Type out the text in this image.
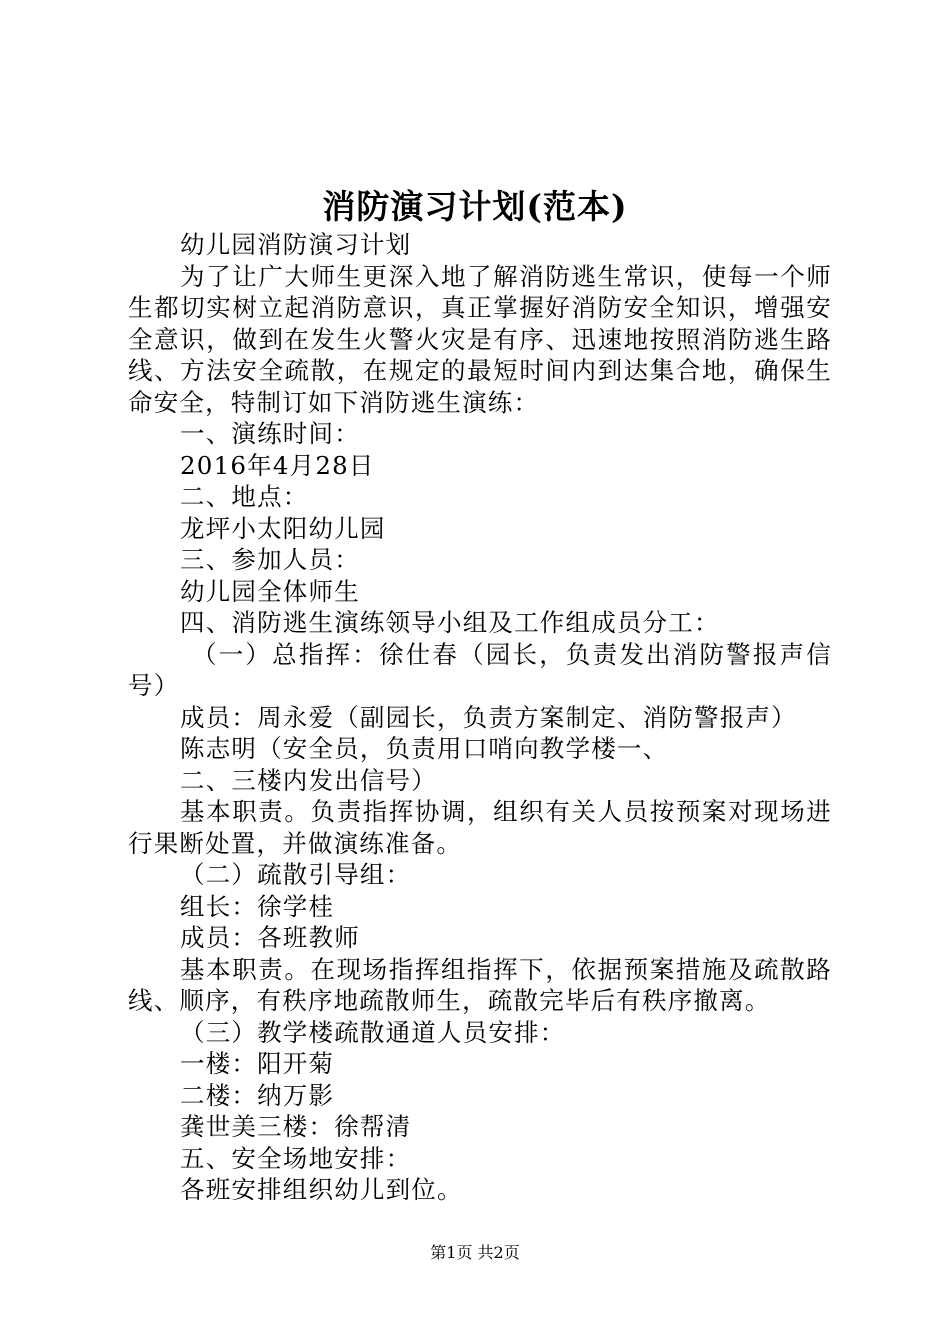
消防演习计划(范本)

幼儿园消防演习计划

为了让广大师生更深入地了解消防逃生常识，使每一个师生都切实树立起消防意识，真正掌握好消防安全知识，增强安全意识，做到在发生火警火灾是有序、迅速地按照消防逃生路线、方法安全疏散，在规定的最短时间内到达集合地，确保生命安全，特制订如下消防逃生演练：

一、演练时间：

2016年4月28日

二、地点：

龙坪小太阳幼儿园

三、参加人员：

幼儿园全体师生

四、消防逃生演练领导小组及工作组成员分工：

（一）总指挥：徐仕春（园长，负责发出消防警报声信号）

成员：周永爱（副园长，负责方案制定、消防警报声）

陈志明（安全员，负责用口哨向教学楼一、

二、三楼内发出信号）

基本职责。负责指挥协调，组织有关人员按预案对现场进行果断处置，并做演练准备。

（二）疏散引导组：

组长：徐学桂

成员：各班教师

基本职责。在现场指挥组指挥下，依据预案措施及疏散路线、顺序，有秩序地疏散师生，疏散完毕后有秩序撤离。

（三）教学楼疏散通道人员安排：

一楼：阳开菊

二楼：纳万影

龚世美三楼：徐帮清

五、安全场地安排：

各班安排组织幼儿到位。

第1页 共2页
